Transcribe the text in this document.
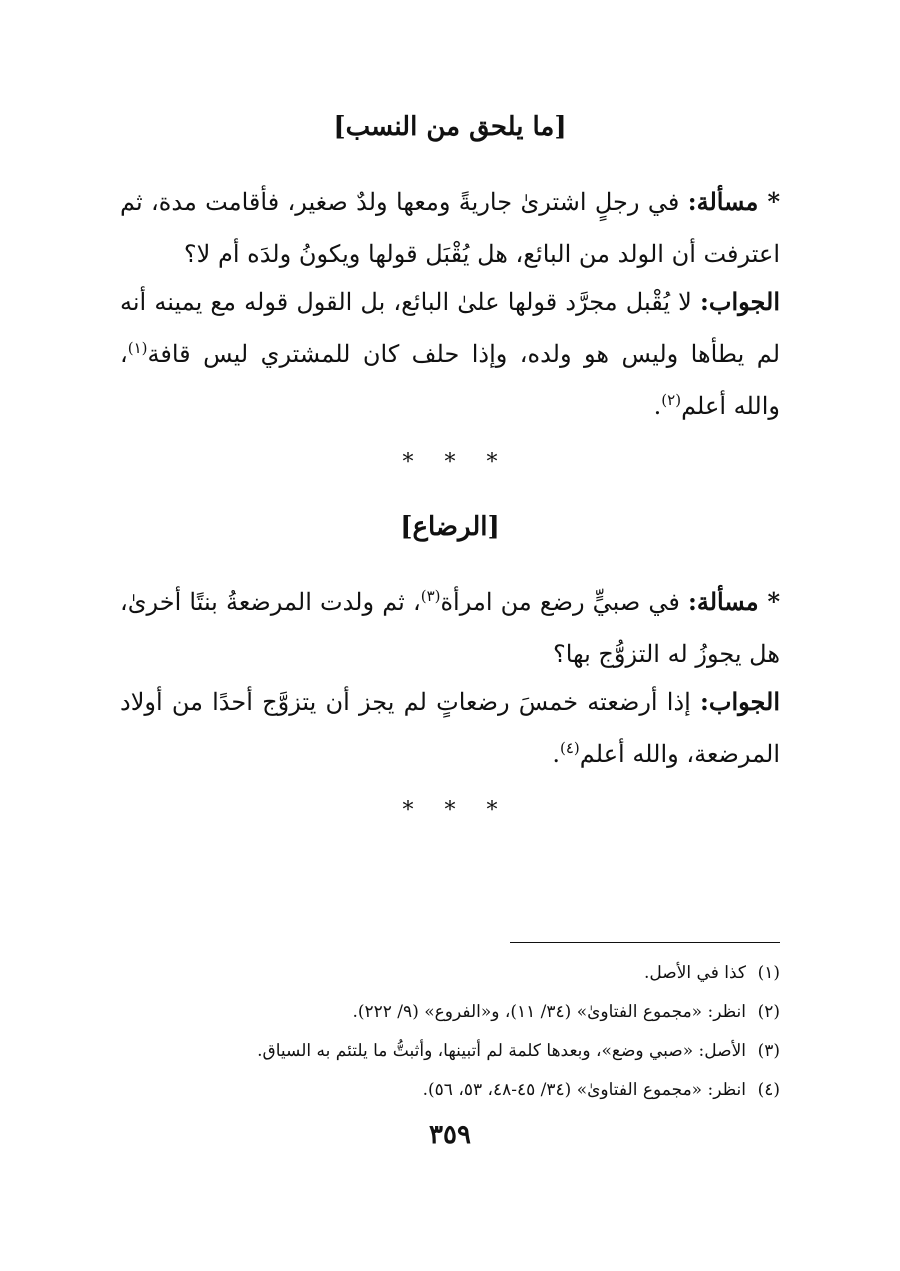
[ما يلحق من النسب]

* مسألة: في رجلٍ اشترىٰ جاريةً ومعها ولدٌ صغير، فأقامت مدة، ثم اعترفت أن الولد من البائع، هل يُقْبَل قولها ويكونُ ولدَه أم لا؟

الجواب: لا يُقْبل مجرَّد قولها علىٰ البائع، بل القول قوله مع يمينه أنه لم يطأها وليس هو ولده، وإذا حلف كان للمشتري ليس قافة$^{(١)}$، والله أعلم$^{(٢)}$.

* * *
[الرضاع]

* مسألة: في صبيٍّ رضع من امرأة$^{(٣)}$، ثم ولدت المرضعةُ بنتًا أخرىٰ، هل يجوزُ له التزوُّج بها؟

الجواب: إذا أرضعته خمسَ رضعاتٍ لم يجز أن يتزوَّج أحدًا من أولاد المرضعة، والله أعلم$^{(٤)}$.

* * *
(١)كذا في الأصل.
(٢)انظر: «مجموع الفتاوىٰ» (٣٤/ ١١)، و«الفروع» (٩/ ٢٢٢).
(٣)الأصل: «صبي وضع»، وبعدها كلمة لم أتبينها، وأثبتُّ ما يلتئم به السياق.
(٤)انظر: «مجموع الفتاوىٰ» (٣٤/ ٤٥-٤٨، ٥٣، ٥٦).
٣٥٩
